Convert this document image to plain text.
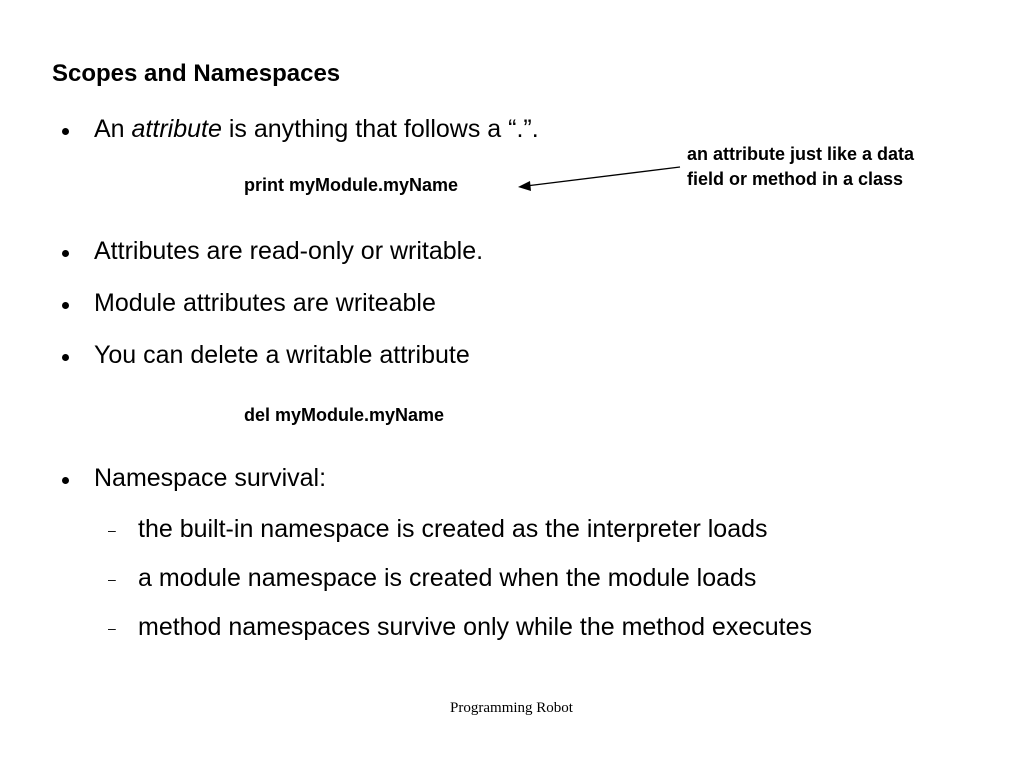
Scopes and Namespaces
An attribute is anything that follows a “.”.
print myModule.myName
an attribute just like a data
field or method in a class
Attributes are read-only or writable.
Module attributes are writeable
You can delete a writable attribute
del myModule.myName
Namespace survival:
– the built-in namespace is created as the interpreter loads
– a module namespace is created when the module loads
– method namespaces survive only while the method executes
Programming Robot
